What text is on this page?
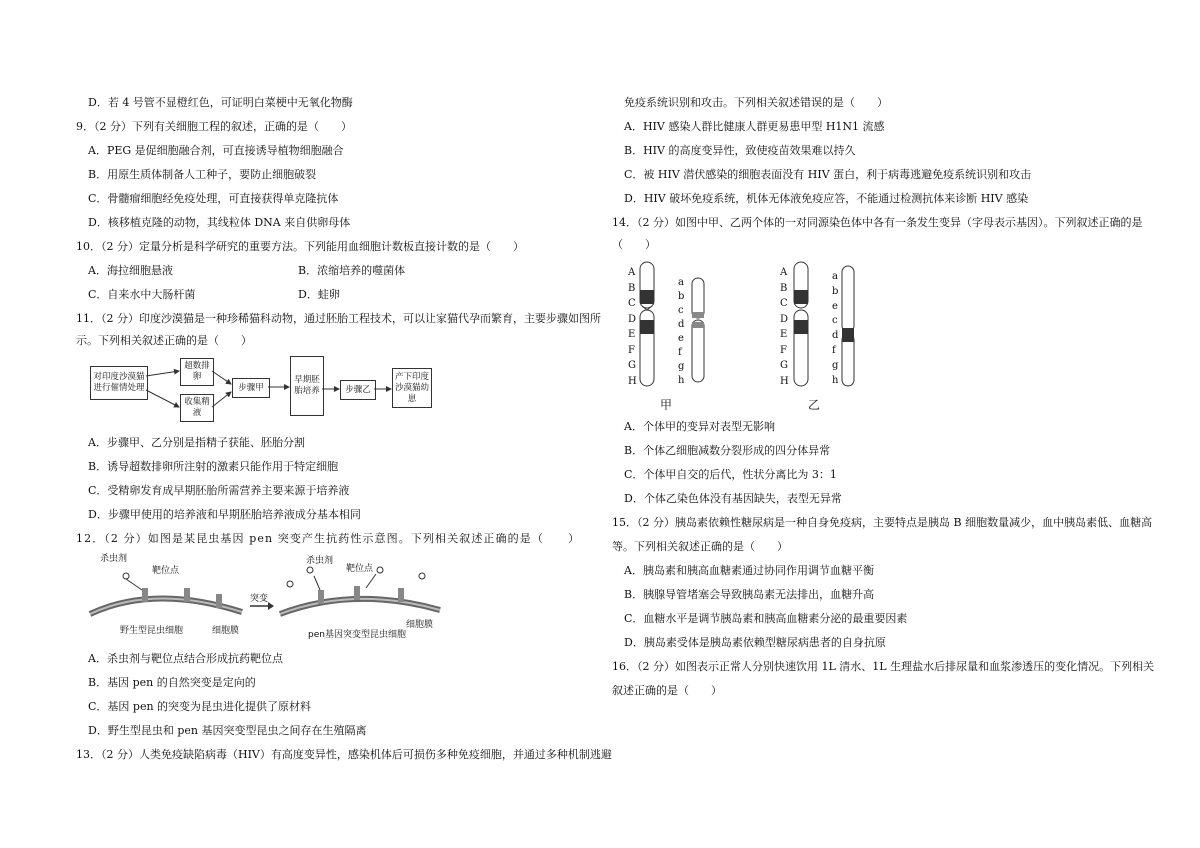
D．若 4 号管不显橙红色，可证明白菜梗中无氧化物酶
9．（2 分）下列有关细胞工程的叙述，正确的是（　　）
A．PEG 是促细胞融合剂，可直接诱导植物细胞融合
B．用原生质体制备人工种子，要防止细胞破裂
C．骨髓瘤细胞经免疫处理，可直接获得单克隆抗体
D．核移植克隆的动物，其线粒体 DNA 来自供卵母体
10．（2 分）定量分析是科学研究的重要方法。下列能用血细胞计数板直接计数的是（　　）
A．海拉细胞悬液	B．浓缩培养的噬菌体
C．自来水中大肠杆菌	D．蛙卵
11．（2 分）印度沙漠猫是一种珍稀猫科动物，通过胚胎工程技术，可以让家猫代孕而繁育，主要步骤如图所
示。下列相关叙述正确的是（　　）
对印度沙漠猫进行催情处理
超数排卵
收集精液
步骤甲
早期胚胎培养	步骤乙
产下印度沙漠猫幼崽
A．步骤甲、乙分别是指精子获能、胚胎分割
B．诱导超数排卵所注射的激素只能作用于特定细胞
C．受精卵发育成早期胚胎所需营养主要来源于培养液
D．步骤甲使用的培养液和早期胚胎培养液成分基本相同
12．（2 分）如图是某昆虫基因 pen 突变产生抗药性示意图。下列相关叙述正确的是（　　）
杀虫剂
靶位点
野生型昆虫细胞	细胞膜
突变
杀虫剂
靶位点
pen基因突变型昆虫细胞
细胞膜
A．杀虫剂与靶位点结合形成抗药靶位点
B．基因 pen 的自然突变是定向的
C．基因 pen 的突变为昆虫进化提供了原材料
D．野生型昆虫和 pen 基因突变型昆虫之间存在生殖隔离
13．（2 分）人类免疫缺陷病毒（HIV）有高度变异性，感染机体后可损伤多种免疫细胞，并通过多种机制逃避
免疫系统识别和攻击。下列相关叙述错误的是（　　）
A．HIV 感染人群比健康人群更易患甲型 H1N1 流感
B．HIV 的高度变异性，致使疫苗效果难以持久
C．被 HIV 潜伏感染的细胞表面没有 HIV 蛋白，利于病毒逃避免疫系统识别和攻击
D．HIV 破坏免疫系统，机体无体液免疫应答，不能通过检测抗体来诊断 HIV 感染
14．（2 分）如图中甲、乙两个体的一对同源染色体中各有一条发生变异（字母表示基因）。下列叙述正确的是
（　　）
A
B
C
D
E
F
G
H
a
b
c
d
e
f
g
h
A
B
C
D
E
F
G
H
a
b
e
c
d
f
g
h
甲	乙
A．个体甲的变异对表型无影响
B．个体乙细胞减数分裂形成的四分体异常
C．个体甲自交的后代，性状分离比为 3：1
D．个体乙染色体没有基因缺失，表型无异常
15．（2 分）胰岛素依赖性糖尿病是一种自身免疫病，主要特点是胰岛 B 细胞数量减少，血中胰岛素低、血糖高
等。下列相关叙述正确的是（　　）
A．胰岛素和胰高血糖素通过协同作用调节血糖平衡
B．胰腺导管堵塞会导致胰岛素无法排出，血糖升高
C．血糖水平是调节胰岛素和胰高血糖素分泌的最重要因素
D．胰岛素受体是胰岛素依赖型糖尿病患者的自身抗原
16．（2 分）如图表示正常人分别快速饮用 1L 清水、1L 生理盐水后排尿量和血浆渗透压的变化情况。下列相关
叙述正确的是（　　）
